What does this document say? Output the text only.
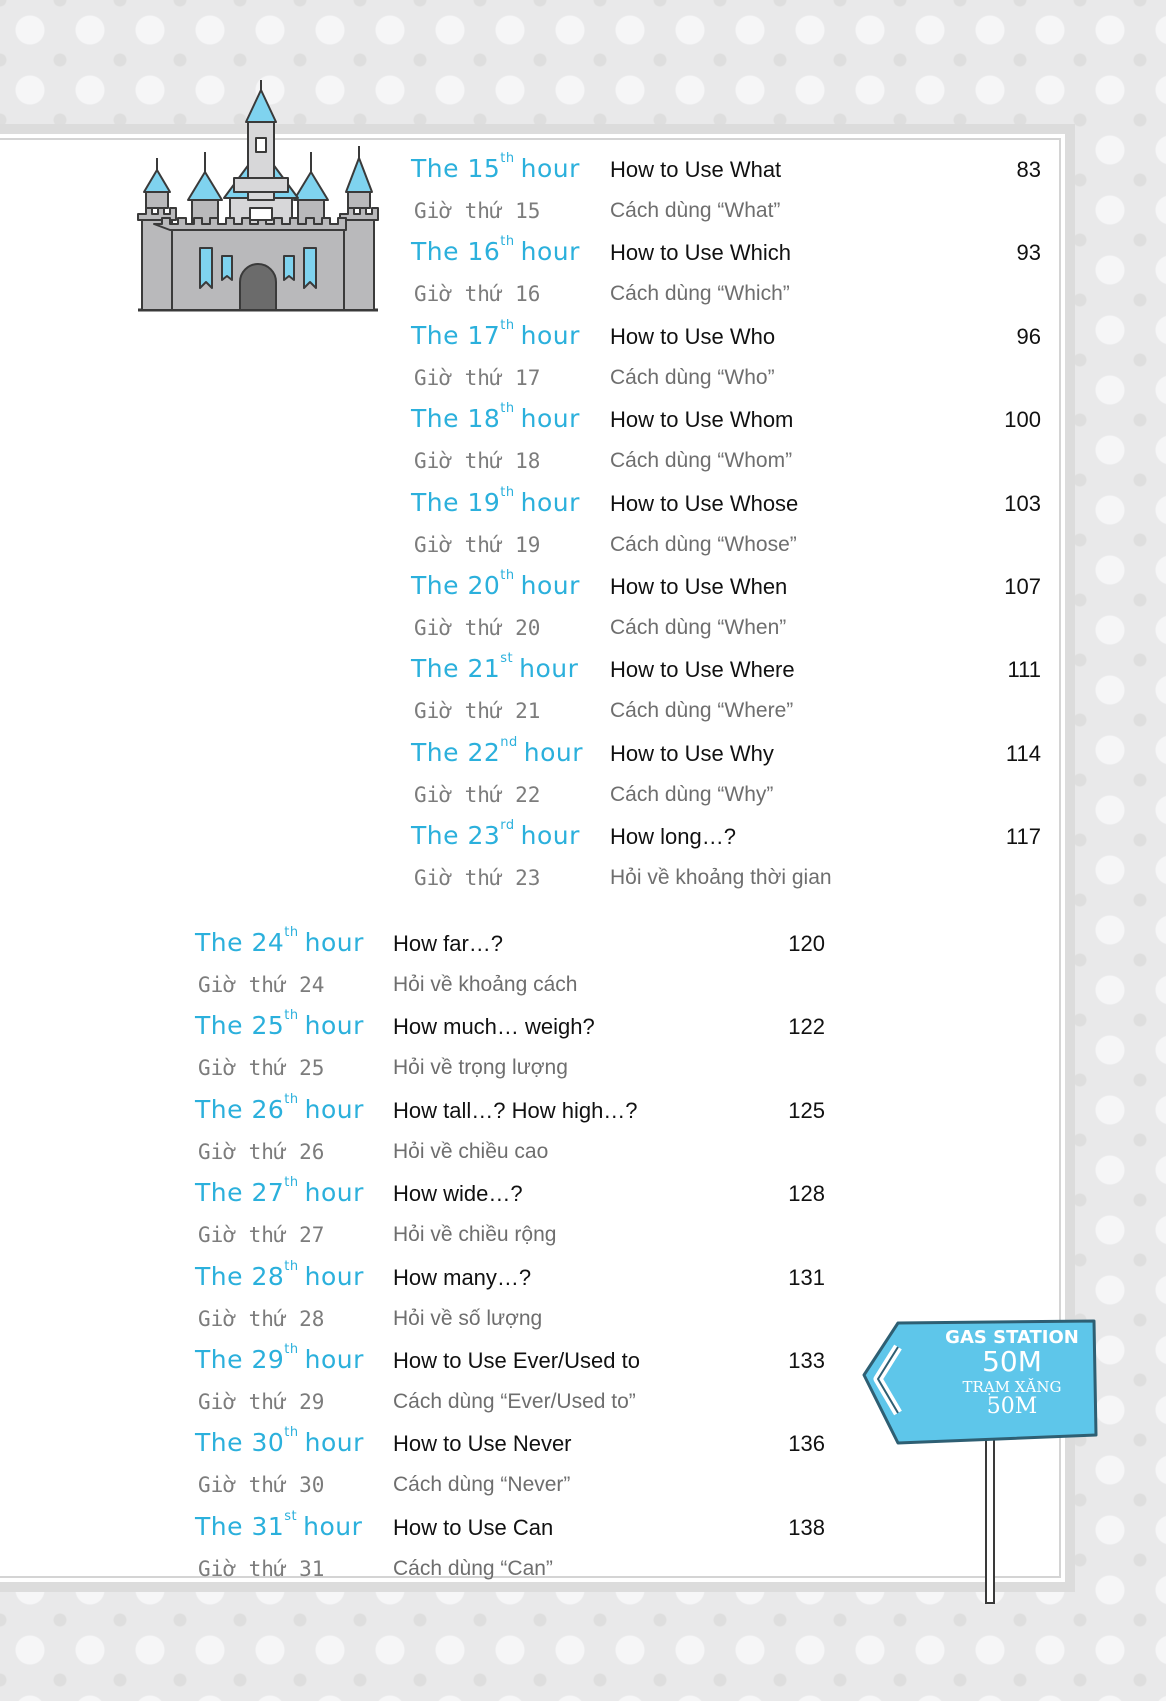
The 15th hour How to Use What	83
Giờ thứ 15	Cách dùng “What”
The 16th hour How to Use Which	93
Giờ thứ 16	Cách dùng “Which”
The 17th hour How to Use Who	96
Giờ thứ 17	Cách dùng “Who”
The 18th hour How to Use Whom	100
Giờ thứ 18	Cách dùng “Whom”
The 19th hour How to Use Whose	103
Giờ thứ 19	Cách dùng “Whose”
The 20th hour How to Use When	107
Giờ thứ 20	Cách dùng “When”
The 21st hour How to Use Where	111
Giờ thứ 21	Cách dùng “Where”
The 22nd hour How to Use Why	114
Giờ thứ 22	Cách dùng “Why”
The 23rd hour How long…?	117
Giờ thứ 23	Hỏi về khoảng thời gian
The 24th hour How far…?	120
Giờ thứ 24	Hỏi về khoảng cách
The 25th hour How much… weigh?	122
Giờ thứ 25	Hỏi về trọng lượng
The 26th hour How tall…? How high…?	125
Giờ thứ 26	Hỏi về chiều cao
The 27th hour How wide…?	128
Giờ thứ 27	Hỏi về chiều rộng
The 28th hour How many…?	131
Giờ thứ 28	Hỏi về số lượng
The 29th hour How to Use Ever/Used to	133
Giờ thứ 29	Cách dùng “Ever/Used to”
The 30th hour How to Use Never	136
Giờ thứ 30	Cách dùng “Never”
The 31st hour How to Use Can	138
Giờ thứ 31	Cách dùng “Can”
GAS STATION
50M
TRẠM XĂNG
50M
